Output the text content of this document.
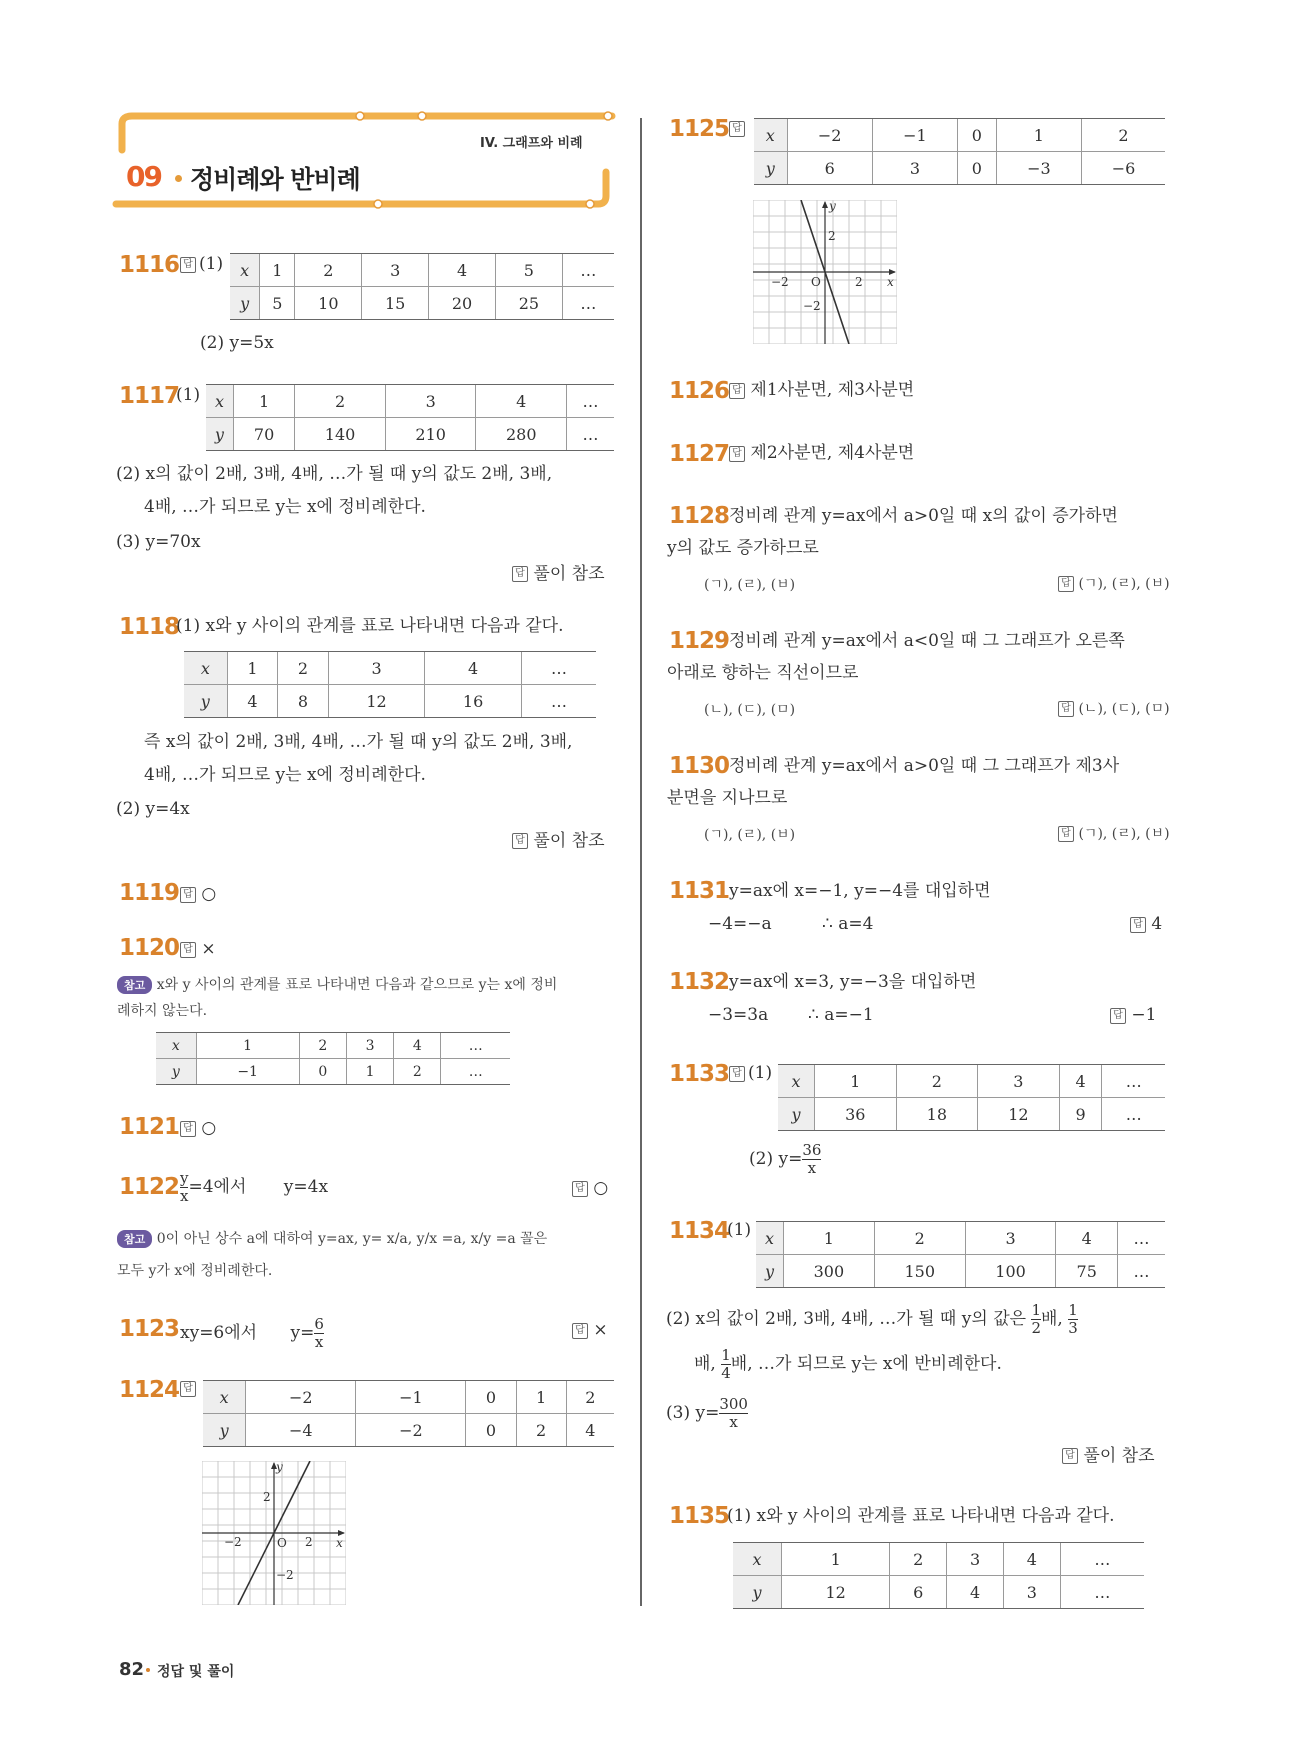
IV. 그래프와 비례
09 정비례와 반비례
1116 답 (1) x	1	2	3	4	5	…
y	5	10	15	20	25	…
(2) y=5x
1117
(1) x	1	2	3	4	…
y	70	140	210	280	…
(2) x의 값이 2배, 3배, 4배, …가 될 때 y의 값도 2배, 3배,
4배, …가 되므로 y는 x에 정비례한다.
(3) y=70x
답 풀이 참조
1118
(1) x와 y 사이의 관계를 표로 나타내면 다음과 같다.
x	1	2	3	4	…
y	4	8	12	16	…
즉 x의 값이 2배, 3배, 4배, …가 될 때 y의 값도 2배, 3배,
4배, …가 되므로 y는 x에 정비례한다.
(2) y=4x
답 풀이 참조
1119 답 ○
1120 답 ×
참고 x와 y 사이의 관계를 표로 나타내면 다음과 같으므로 y는 x에 정비
례하지 않는다.
x	1	2	3	4	…
y	−1	0	1	2	…
1121 답 ○
$1122 \frac{y}{x} =4$에서 y=4x	답 ○
참고 0이 아닌 상수 a에 대하여 y=ax, y= x/a, y/x =a, x/y =a 꼴은
모두 y가 x에 정비례한다.
1123 xy=6에서 $y= \frac{6}{x}$	답 ×
1124 답 x	−2	−1	0	1	2
y	−4	−2	0	2	4
y
x
O
−2	2
2
−2
1125 답 x	−2	−1	0	1	2
y	6	3	0	−3	−6
y
x
O
−2	2
2
−2
1126 답 제1사분면, 제3사분면
1127 답 제2사분면, 제4사분면
1128 정비례 관계 y=ax에서 a>0일 때 x의 값이 증가하면
y의 값도 증가하므로
(ㄱ), (ㄹ), (ㅂ)	답 (ㄱ), (ㄹ), (ㅂ)
1129 정비례 관계 y=ax에서 a<0일 때 그 그래프가 오른쪽
아래로 향하는 직선이므로
(ㄴ), (ㄷ), (ㅁ)	답 (ㄴ), (ㄷ), (ㅁ)
1130 정비례 관계 y=ax에서 a>0일 때 그 그래프가 제3사
분면을 지나므로
(ㄱ), (ㄹ), (ㅂ)	답 (ㄱ), (ㄹ), (ㅂ)
1131 y=ax에 x=−1, y=−4를 대입하면
−4=−a	∴ a=4	답 4
1132 y=ax에 x=3, y=−3을 대입하면
−3=3a ∴ a=−1	답 −1
1133 답 (1) x	1	2	3	4	…
y	36	18	12	9	…
(2) $y= \frac{36}{x}$
1134
(1) x	1	2	3	4	…
y	300	150	100	75	…
(2) x의 값이 2배, 3배, 4배, …가 될 때 y의 값은 $\frac{1}{2}$ 배, $\frac{1}{3}$
배, $\frac{1}{4}$ 배, …가 되므로 y는 x에 반비례한다.
(3) $y= \frac{300}{x}$
답 풀이 참조
1135
(1) x와 y 사이의 관계를 표로 나타내면 다음과 같다.
x	1	2	3	4	…
y	12	6	4	3	…
82 정답 및 풀이
